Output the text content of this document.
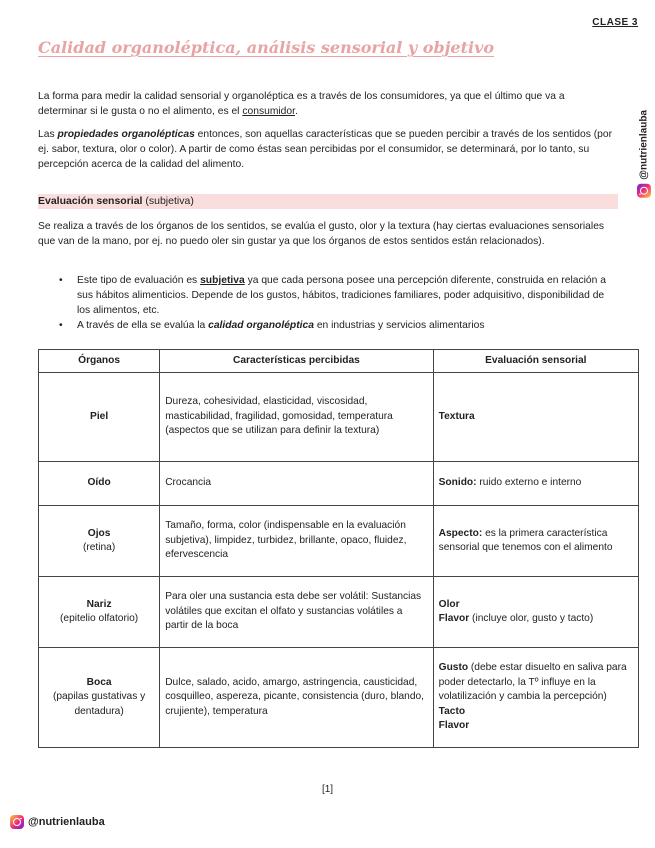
CLASE 3
Calidad organoléptica, análisis sensorial y objetivo

La forma para medir la calidad sensorial y organoléptica es a través de los consumidores, ya que el último que va a determinar si le gusta o no el alimento, es el consumidor.

Las propiedades organolépticas entonces, son aquellas características que se pueden percibir a través de los sentidos (por ej. sabor, textura, olor o color). A partir de como éstas sean percibidas por el consumidor, se determinará, por lo tanto, su percepción acerca de la calidad del alimento.

Evaluación sensorial (subjetiva)

Se realiza a través de los órganos de los sentidos, se evalúa el gusto, olor y la textura (hay ciertas evaluaciones sensoriales que van de la mano, por ej. no puedo oler sin gustar ya que los órganos de estos sentidos están relacionados).

• Este tipo de evaluación es subjetiva ya que cada persona posee una percepción diferente, construida en relación a sus hábitos alimenticios. Depende de los gustos, hábitos, tradiciones familiares, poder adquisitivo, disponibilidad de los alimentos, etc.
• A través de ella se evalúa la calidad organoléptica en industrias y servicios alimentarios
Órganos	Características percibidas	Evaluación sensorial

Piel	Dureza, cohesividad, elasticidad, viscosidad, masticabilidad, fragilidad, gomosidad, temperatura (aspectos que se utilizan para definir la textura)	Textura

Oído	Crocancia	Sonido: ruido externo e interno

Ojos
(retina)	Tamaño, forma, color (indispensable en la evaluación subjetiva), limpidez, turbidez, brillante, opaco, fluidez, efervescencia	Aspecto: es la primera característica sensorial que tenemos con el alimento

Nariz
(epitelio olfatorio)	Para oler una sustancia esta debe ser volátil: Sustancias volátiles que excitan el olfato y sustancias volátiles a partir de la boca	Olor
Flavor (incluye olor, gusto y tacto)

Boca
(papilas gustativas y dentadura)	Dulce, salado, acido, amargo, astringencia, causticidad, cosquilleo, aspereza, picante, consistencia (duro, blando, crujiente), temperatura	Gusto (debe estar disuelto en saliva para poder detectarlo, la Tº influye en la volatilización y cambia la percepción)
Tacto
Flavor
[1]
@nutrienlauba
@nutrienlauba
